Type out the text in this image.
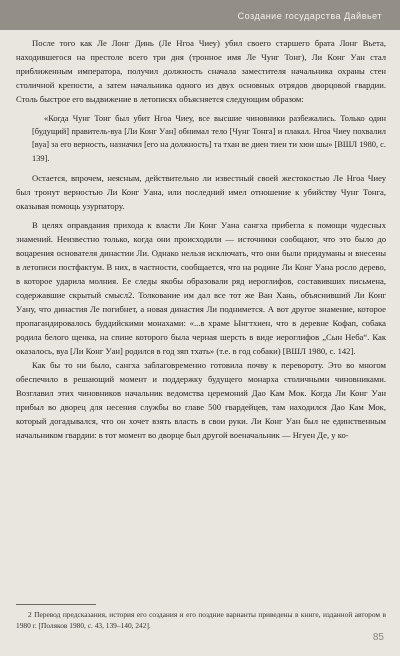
Создание государства Дайвьет

После того как Ле Лонг Динь (Ле Нгоа Чиеу) убил своего старшего брата Лонг Вьета, находившегося на престоле всего три дня (тронное имя Ле Чунг Тонг), Ли Конг Уан стал приближенным императора, получил должность сначала заместителя начальника охраны стен столичной крепости, а затем начальника одного из двух основных отрядов дворцовой гвардии. Столь быстрое его выдвижение в летописях объясняется следующим образом:

«Когда Чунг Тонг был убит Нгоа Чиеу, все высшие чиновники разбежались. Только один [будущий] правитель-вуа [Ли Конг Уан] обнимал тело [Чунг Тонга] и плакал. Нгоа Чиеу похвалил [вуа] за его верность, назначил [его на должность] та тхан ве диен тиен ти хюи шы» [ВШЛ 1980, с. 139].

Остается, впрочем, неясным, действительно ли известный своей жестокостью Ле Нгоа Чиеу был тронут верностью Ли Конг Уана, или последний имел отношение к убийству Чунг Тонга, оказывая помощь узурпатору.

В целях оправдания прихода к власти Ли Конг Уана сангха прибегла к помощи чудесных знамений. Неизвестно только, когда они происходили — источники сообщают, что это было до воцарения основателя династии Ли. Однако нельзя исключать, что они были придуманы и внесены в летописи постфактум. В них, в частности, сообщается, что на родине Ли Конг Уана росло дерево, в которое ударила молния. Ее следы якобы образовали ряд иероглифов, составивших письмена, содержавшие скрытый смысл2. Толкование им дал все тот же Ван Хань, объяснивший Ли Конг Уану, что династия Ле погибнет, а новая династия Ли поднимется. А вот другое знамение, которое пропагандировалось буддийскими монахами: «...в храме Ынгтхиен, что в деревне Кофап, собака родила белого щенка, на спине которого была черная шерсть в виде иероглифов „Сын Неба“. Как оказалось, вуа [Ли Конг Уан] родился в год зяп тхать» (т.е. в год собаки) [ВШЛ 1980, с. 142].

Как бы то ни было, сангха заблаговременно готовила почву к перевороту. Это во многом обеспечило в решающий момент и поддержку будущего монарха столичными чиновниками. Возглавил этих чиновников начальник ведомства церемоний Дао Кам Мок. Когда Ли Конг Уан прибыл во дворец для несения службы во главе 500 гвардейцев, там находился Дао Кам Мок, который догадывался, что он хочет взять власть в свои руки. Ли Конг Уан был не единственным начальником гвардии: в тот момент во дворце был другой военачальник — Нгуен Де, у ко-

2 Перевод предсказания, история его создания и его поздние варианты приведены в книге, изданной автором в 1980 г. [Поляков 1980, с. 43, 139–140, 242].
85
